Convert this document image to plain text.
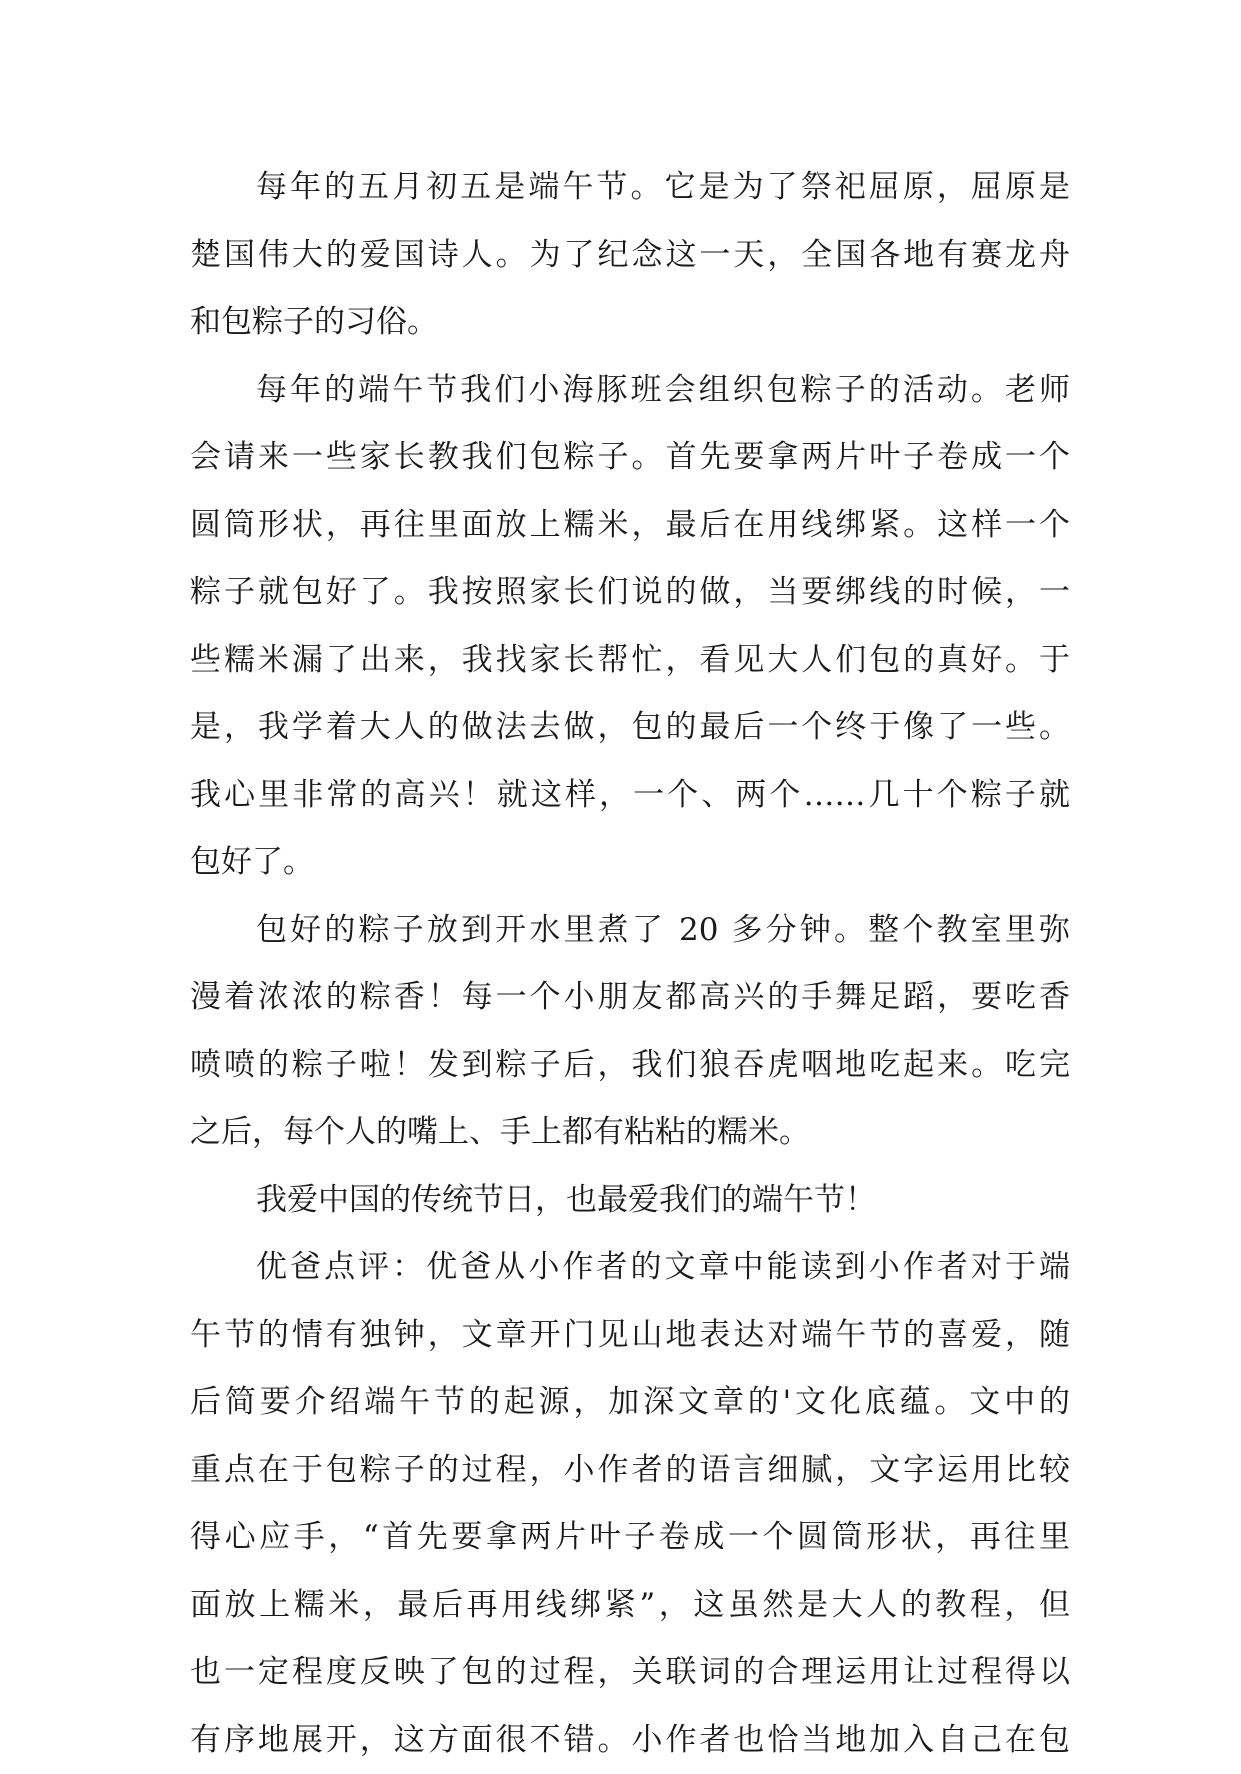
每年的五月初五是端午节。它是为了祭祀屈原，屈原是
楚国伟大的爱国诗人。为了纪念这一天，全国各地有赛龙舟
和包粽子的习俗。
每年的端午节我们小海豚班会组织包粽子的活动。老师
会请来一些家长教我们包粽子。首先要拿两片叶子卷成一个
圆筒形状，再往里面放上糯米，最后在用线绑紧。这样一个
粽子就包好了。我按照家长们说的做，当要绑线的时候，一
些糯米漏了出来，我找家长帮忙，看见大人们包的真好。于
是，我学着大人的做法去做，包的最后一个终于像了一些。
我心里非常的高兴！就这样，一个、两个……几十个粽子就
包好了。
包好的粽子放到开水里煮了 20 多分钟。整个教室里弥
漫着浓浓的粽香！每一个小朋友都高兴的手舞足蹈，要吃香
喷喷的粽子啦！发到粽子后，我们狼吞虎咽地吃起来。吃完
之后，每个人的嘴上、手上都有粘粘的糯米。
我爱中国的传统节日，也最爱我们的端午节！
优爸点评：优爸从小作者的文章中能读到小作者对于端
午节的情有独钟，文章开门见山地表达对端午节的喜爱，随
后简要介绍端午节的起源，加深文章的'文化底蕴。文中的
重点在于包粽子的过程，小作者的语言细腻，文字运用比较
得心应手，“首先要拿两片叶子卷成一个圆筒形状，再往里
面放上糯米，最后再用线绑紧”，这虽然是大人的教程，但
也一定程度反映了包的过程，关联词的合理运用让过程得以
有序地展开，这方面很不错。小作者也恰当地加入自己在包
